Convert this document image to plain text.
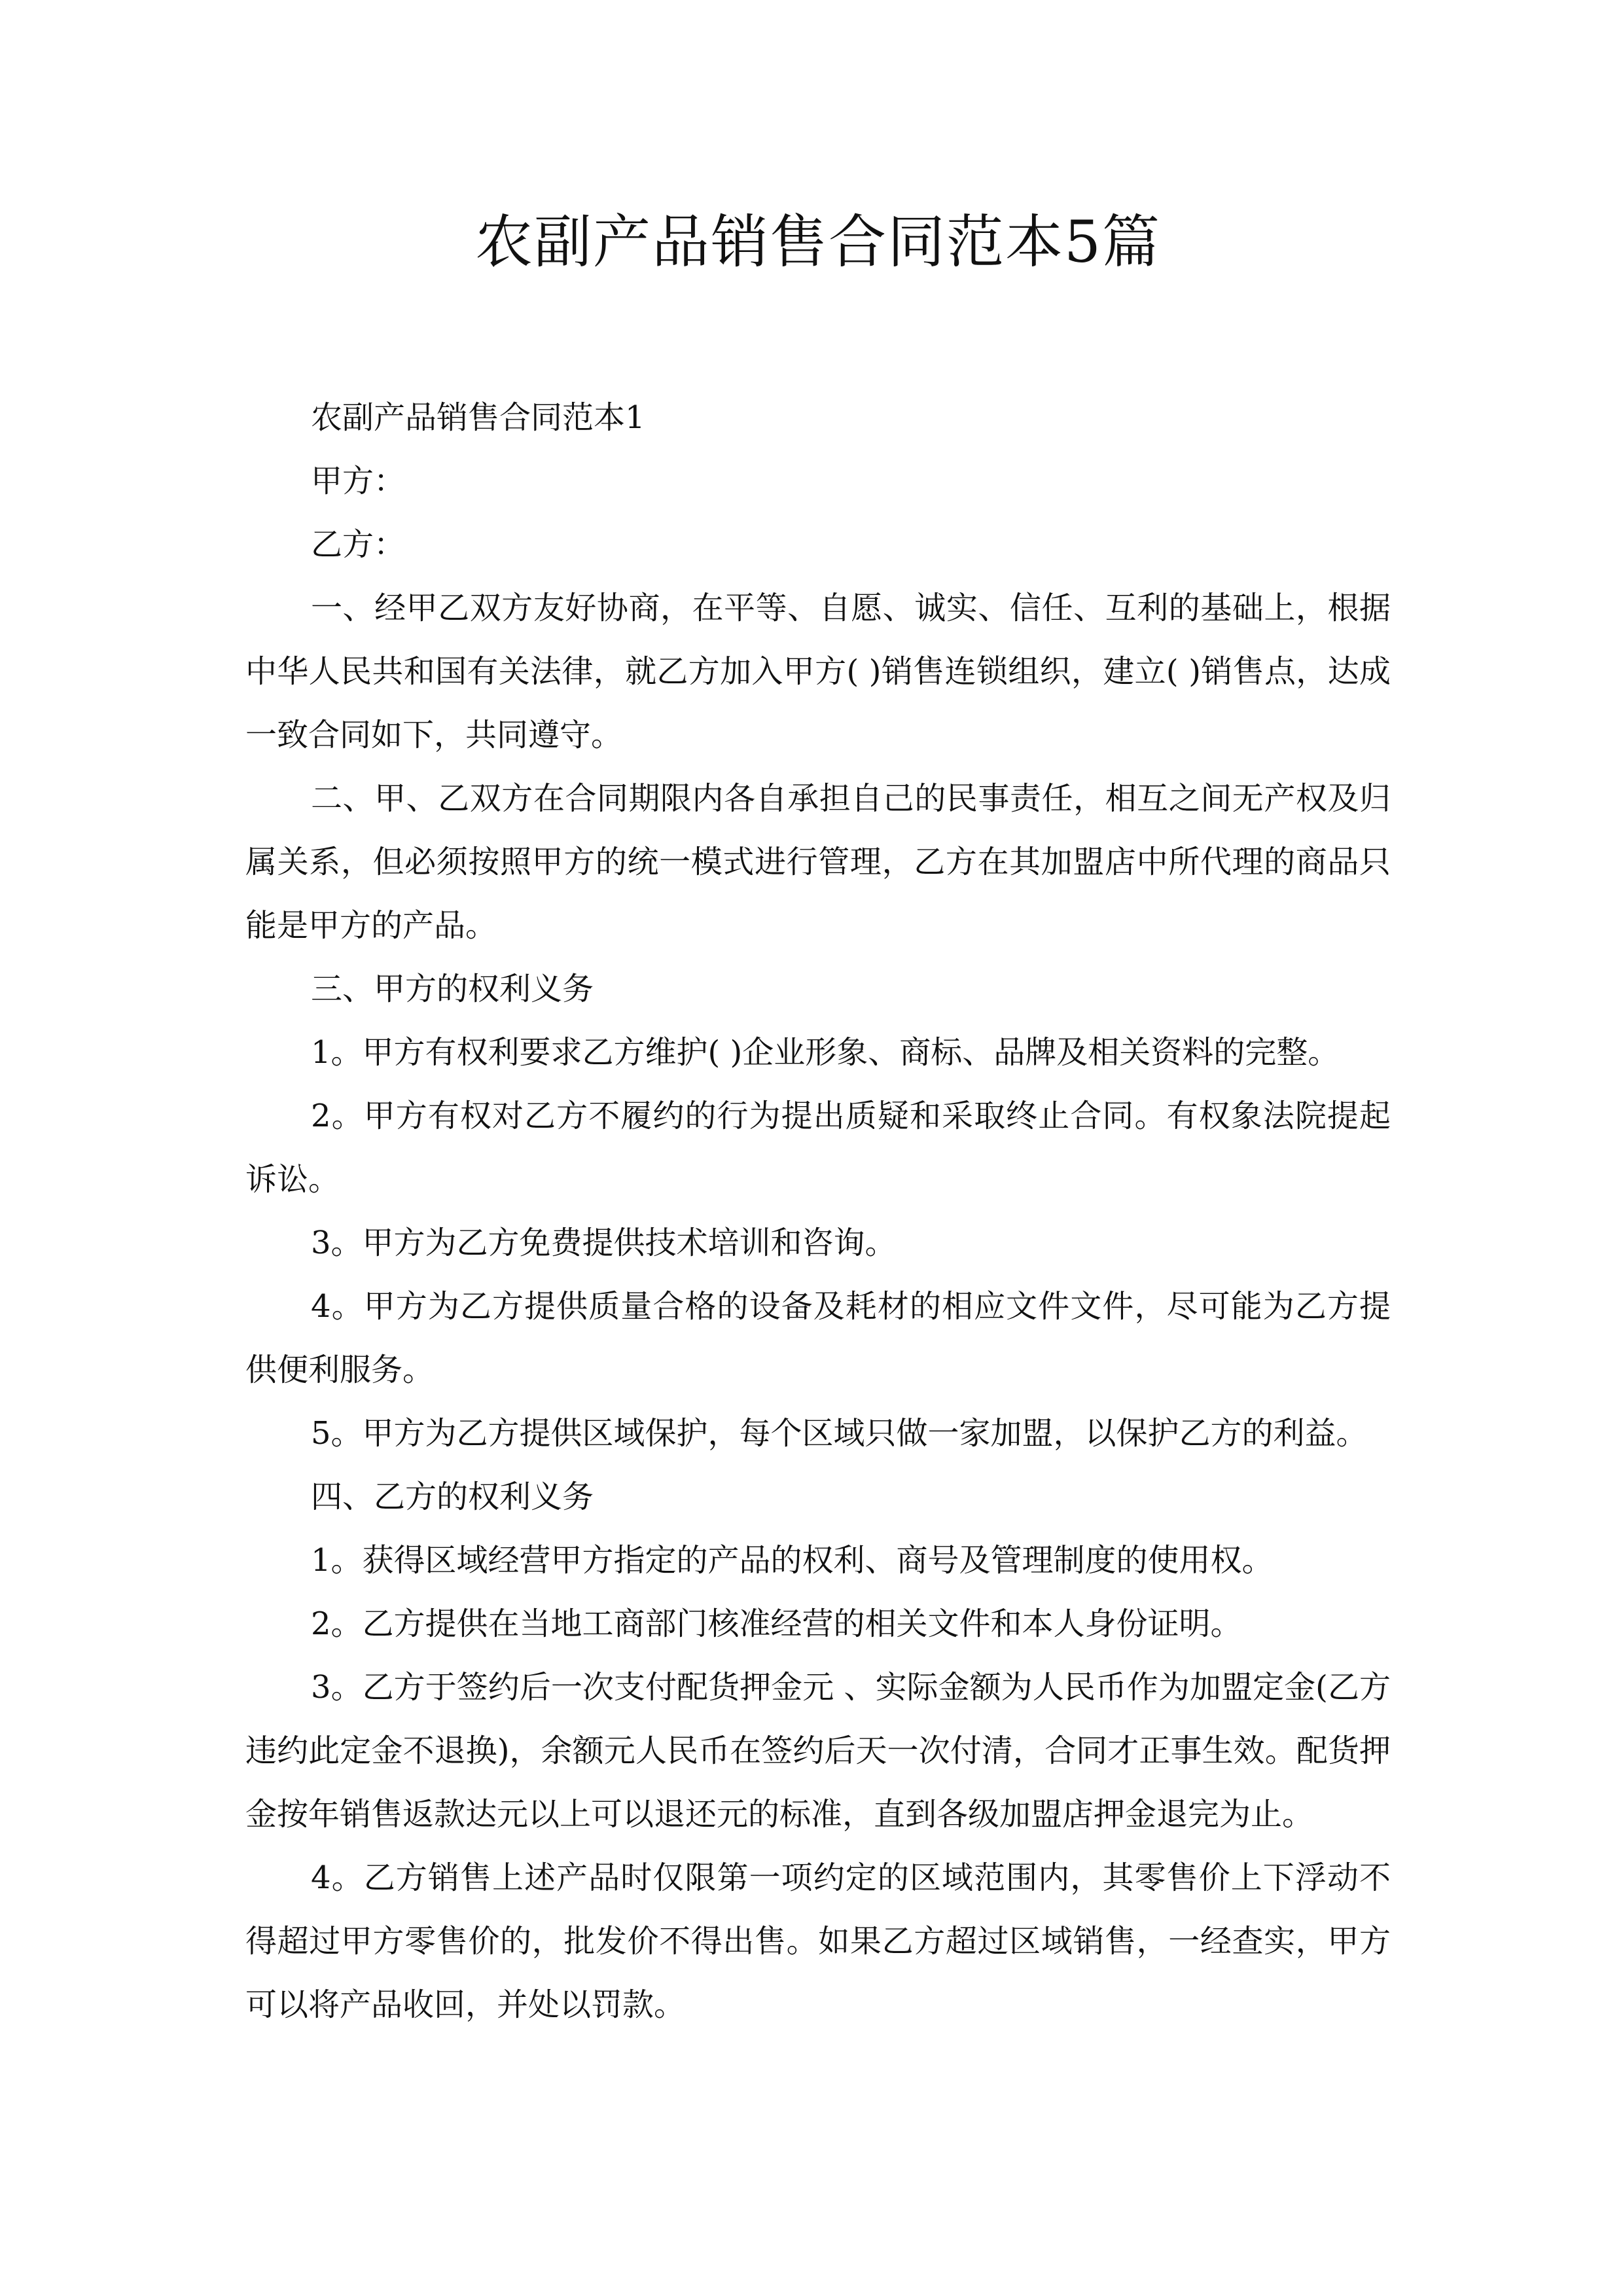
农副产品销售合同范本5篇

农副产品销售合同范本1

甲方：

乙方：

一、经甲乙双方友好协商，在平等、自愿、诚实、信任、互利的基础上，根据中华人民共和国有关法律，就乙方加入甲方( )销售连锁组织，建立( )销售点，达成一致合同如下，共同遵守。

二、甲、乙双方在合同期限内各自承担自己的民事责任，相互之间无产权及归属关系，但必须按照甲方的统一模式进行管理，乙方在其加盟店中所代理的商品只能是甲方的产品。

三、甲方的权利义务

1。甲方有权利要求乙方维护( )企业形象、商标、品牌及相关资料的完整。

2。甲方有权对乙方不履约的行为提出质疑和采取终止合同。有权象法院提起诉讼。

3。甲方为乙方免费提供技术培训和咨询。

4。甲方为乙方提供质量合格的设备及耗材的相应文件文件，尽可能为乙方提供便利服务。

5。甲方为乙方提供区域保护，每个区域只做一家加盟，以保护乙方的利益。

四、乙方的权利义务

1。获得区域经营甲方指定的产品的权利、商号及管理制度的使用权。

2。乙方提供在当地工商部门核准经营的相关文件和本人身份证明。

3。乙方于签约后一次支付配货押金元 、实际金额为人民币作为加盟定金(乙方违约此定金不退换)，余额元人民币在签约后天一次付清，合同才正事生效。配货押金按年销售返款达元以上可以退还元的标准，直到各级加盟店押金退完为止。

4。乙方销售上述产品时仅限第一项约定的区域范围内，其零售价上下浮动不得超过甲方零售价的，批发价不得出售。如果乙方超过区域销售，一经查实，甲方可以将产品收回，并处以罚款。
